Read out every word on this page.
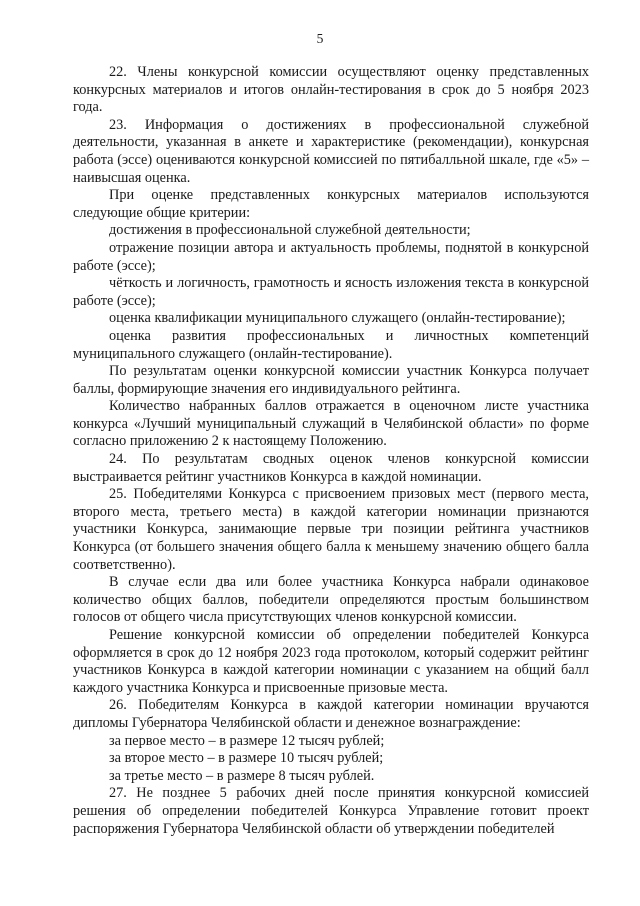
5

22. Члены конкурсной комиссии осуществляют оценку представленных конкурсных материалов и итогов онлайн-тестирования в срок до 5 ноября 2023 года.

23. Информация о достижениях в профессиональной служебной деятельности, указанная в анкете и характеристике (рекомендации), конкурсная работа (эссе) оцениваются конкурсной комиссией по пятибалльной шкале, где «5» – наивысшая оценка.

При оценке представленных конкурсных материалов используются следующие общие критерии:

достижения в профессиональной служебной деятельности;

отражение позиции автора и актуальность проблемы, поднятой в конкурсной работе (эссе);

чёткость и логичность, грамотность и ясность изложения текста в конкурсной работе (эссе);

оценка квалификации муниципального служащего (онлайн-тестирование);

оценка развития профессиональных и личностных компетенций муниципального служащего (онлайн-тестирование).

По результатам оценки конкурсной комиссии участник Конкурса получает баллы, формирующие значения его индивидуального рейтинга.

Количество набранных баллов отражается в оценочном листе участника конкурса «Лучший муниципальный служащий в Челябинской области» по форме согласно приложению 2 к настоящему Положению.

24. По результатам сводных оценок членов конкурсной комиссии выстраивается рейтинг участников Конкурса в каждой номинации.

25. Победителями Конкурса с присвоением призовых мест (первого места, второго места, третьего места) в каждой категории номинации признаются участники Конкурса, занимающие первые три позиции рейтинга участников Конкурса (от большего значения общего балла к меньшему значению общего балла соответственно).

В случае если два или более участника Конкурса набрали одинаковое количество общих баллов, победители определяются простым большинством голосов от общего числа присутствующих членов конкурсной комиссии.

Решение конкурсной комиссии об определении победителей Конкурса оформляется в срок до 12 ноября 2023 года протоколом, который содержит рейтинг участников Конкурса в каждой категории номинации с указанием на общий балл каждого участника Конкурса и присвоенные призовые места.

26. Победителям Конкурса в каждой категории номинации вручаются дипломы Губернатора Челябинской области и денежное вознаграждение:

за первое место – в размере 12 тысяч рублей;

за второе место – в размере 10 тысяч рублей;

за третье место – в размере 8 тысяч рублей.

27. Не позднее 5 рабочих дней после принятия конкурсной комиссией решения об определении победителей Конкурса Управление готовит проект распоряжения Губернатора Челябинской области об утверждении победителей
